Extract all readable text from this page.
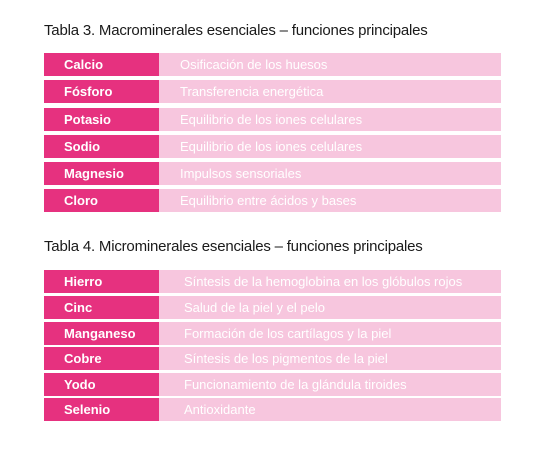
Tabla 3. Macrominerales esenciales – funciones principales
Calcio	Osificación de los huesos
Fósforo	Transferencia energética
Potasio	Equilibrio de los iones celulares
Sodio	Equilibrio de los iones celulares
Magnesio	Impulsos sensoriales
Cloro	Equilibrio entre ácidos y bases
Tabla 4. Microminerales esenciales – funciones principales
Hierro	Síntesis de la hemoglobina en los glóbulos rojos
Cinc	Salud de la piel y el pelo
Manganeso	Formación de los cartílagos y la piel
Cobre	Síntesis de los pigmentos de la piel
Yodo	Funcionamiento de la glándula tiroides
Selenio	Antioxidante
